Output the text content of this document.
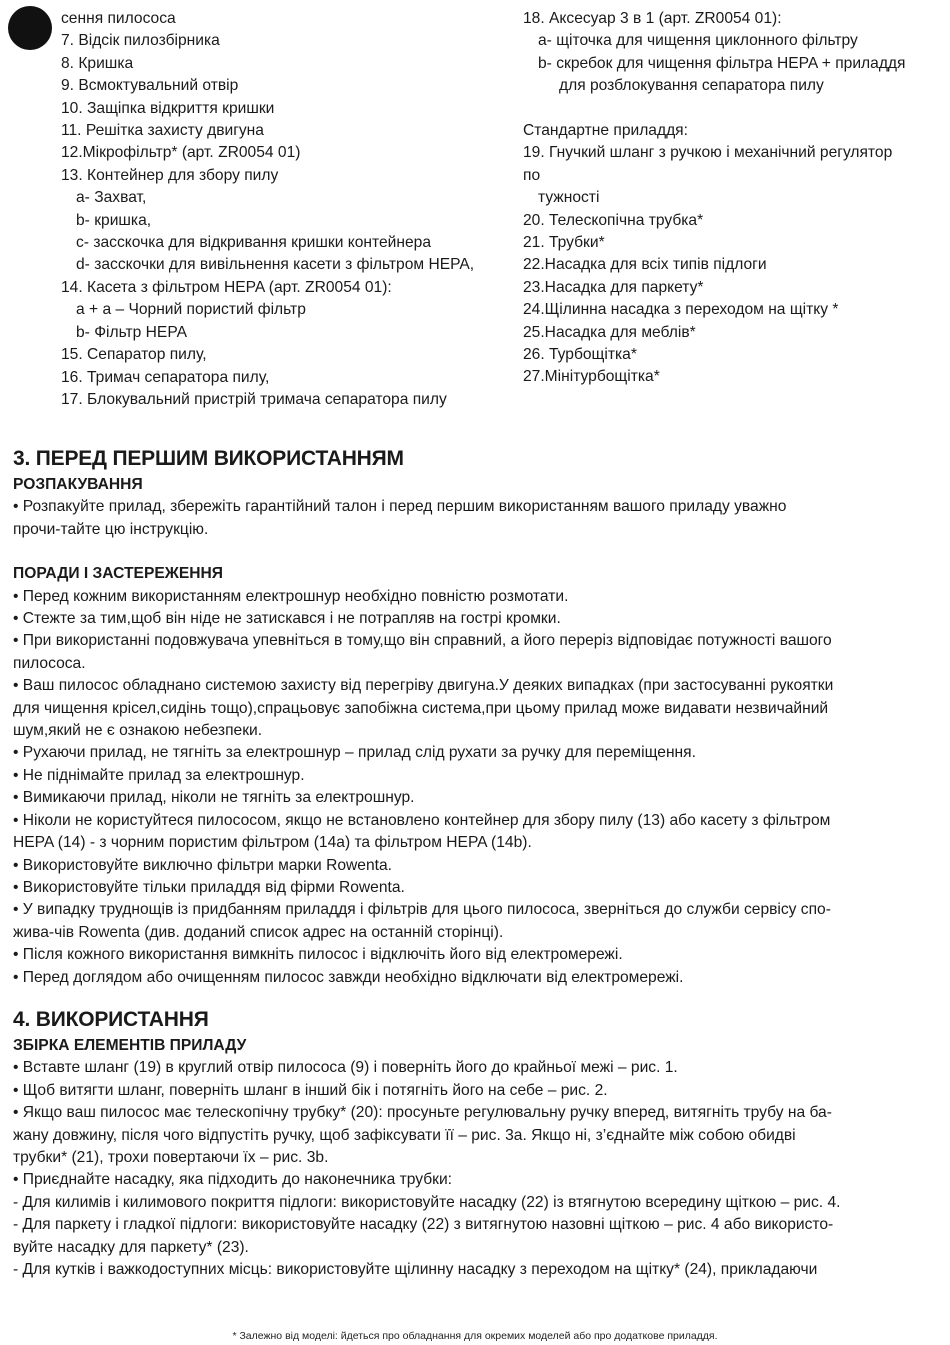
сення пилососа
7. Відсік пилозбірника
8. Кришка
9. Всмоктувальний отвір
10. Защіпка відкриття кришки
11. Решітка захисту двигуна
12.Мікрофільтр* (арт. ZR0054 01)
13. Контейнер для збору пилу
a- Захват,
b- кришка,
c- засскочка для відкривання кришки контейнера
d- засскочки для вивільнення касети з фільтром HEPA,
14. Касета з фільтром HEPA (арт. ZR0054 01):
a + a – Чорний пористий фільтр
b- Фільтр HEPA
15. Сепаратор пилу,
16. Тримач сепаратора пилу,
17. Блокувальний пристрій тримача сепаратора пилу
18. Аксесуар 3 в 1 (арт. ZR0054 01):
a- щіточка для чищення циклонного фільтру
b- скребок для чищення фільтра HEPA + приладдя
для розблокування сепаратора пилу
Стандартне приладдя:
19. Гнучкий шланг з ручкою і механічний регулятор
по
тужності
20. Телескопічна трубка*
21. Трубки*
22.Насадка для всіх типів підлоги
23.Насадка для паркету*
24.Щілинна насадка з переходом на щітку *
25.Насадка для меблів*
26. Турбощітка*
27.Мінітурбощітка*
3. ПЕРЕД ПЕРШИМ ВИКОРИСТАННЯМ
РОЗПАКУВАННЯ
• Розпакуйте прилад, збережіть гарантійний талон і перед першим використанням вашого приладу уважно
прочи-тайте цю інструкцію.
ПОРАДИ І ЗАСТЕРЕЖЕННЯ
• Перед кожним використанням електрошнур необхідно повністю розмотати.
• Стежте за тим,щоб він ніде не затискався і не потрапляв на гострі кромки.
• При використанні подовжувача упевніться в тому,що він справний, а його переріз відповідає потужності вашого
пилососа.
• Ваш пилосос обладнано системою захисту від перегріву двигуна.У деяких випадках (при застосуванні рукоятки
для чищення крісел,сидінь тощо),спрацьовує запобіжна система,при цьому прилад може видавати незвичайний
шум,який не є ознакою небезпеки.
• Рухаючи прилад, не тягніть за електрошнур – прилад слід рухати за ручку для переміщення.
• Не піднімайте прилад за електрошнур.
• Вимикаючи прилад, ніколи не тягніть за електрошнур.
• Ніколи не користуйтеся пилососом, якщо не встановлено контейнер для збору пилу (13) або касету з фільтром
HEPA (14) - з чорним пористим фільтром (14a) та фільтром HEPA (14b).
• Використовуйте виключно фільтри марки Rowenta.
• Використовуйте тільки приладдя від фірми Rowenta.
• У випадку труднощів із придбанням приладдя і фільтрів для цього пилососа, зверніться до служби сервісу спо-
жива-чів Rowenta (див. доданий список адрес на останній сторінці).
• Після кожного використання вимкніть пилосос і відключіть його від електромережі.
• Перед доглядом або очищенням пилосос завжди необхідно відключати від електромережі.
4. ВИКОРИСТАННЯ
ЗБІРКА ЕЛЕМЕНТІВ ПРИЛАДУ
• Вставте шланг (19) в круглий отвір пилососа (9) і поверніть його до крайньої межі – рис. 1.
• Щоб витягти шланг, поверніть шланг в інший бік і потягніть його на себе – рис. 2.
• Якщо ваш пилосос має телескопічну трубку* (20): просуньте регулювальну ручку вперед, витягніть трубу на ба-
жану довжину, після чого відпустіть ручку, щоб зафіксувати її – рис. 3a. Якщо ні, з’єднайте між собою обидві
трубки* (21), трохи повертаючи їх – рис. 3b.
• Приєднайте насадку, яка підходить до наконечника трубки:
- Для килимів і килимового покриття підлоги: використовуйте насадку (22) із втягнутою всередину щіткою – рис. 4.
- Для паркету і гладкої підлоги: використовуйте насадку (22) з витягнутою назовні щіткою – рис. 4 або використо-
вуйте насадку для паркету* (23).
- Для кутків і важкодоступних місць: використовуйте щілинну насадку з переходом на щітку* (24), прикладаючи
* Залежно від моделі: йдеться про обладнання для окремих моделей або про додаткове приладдя.
